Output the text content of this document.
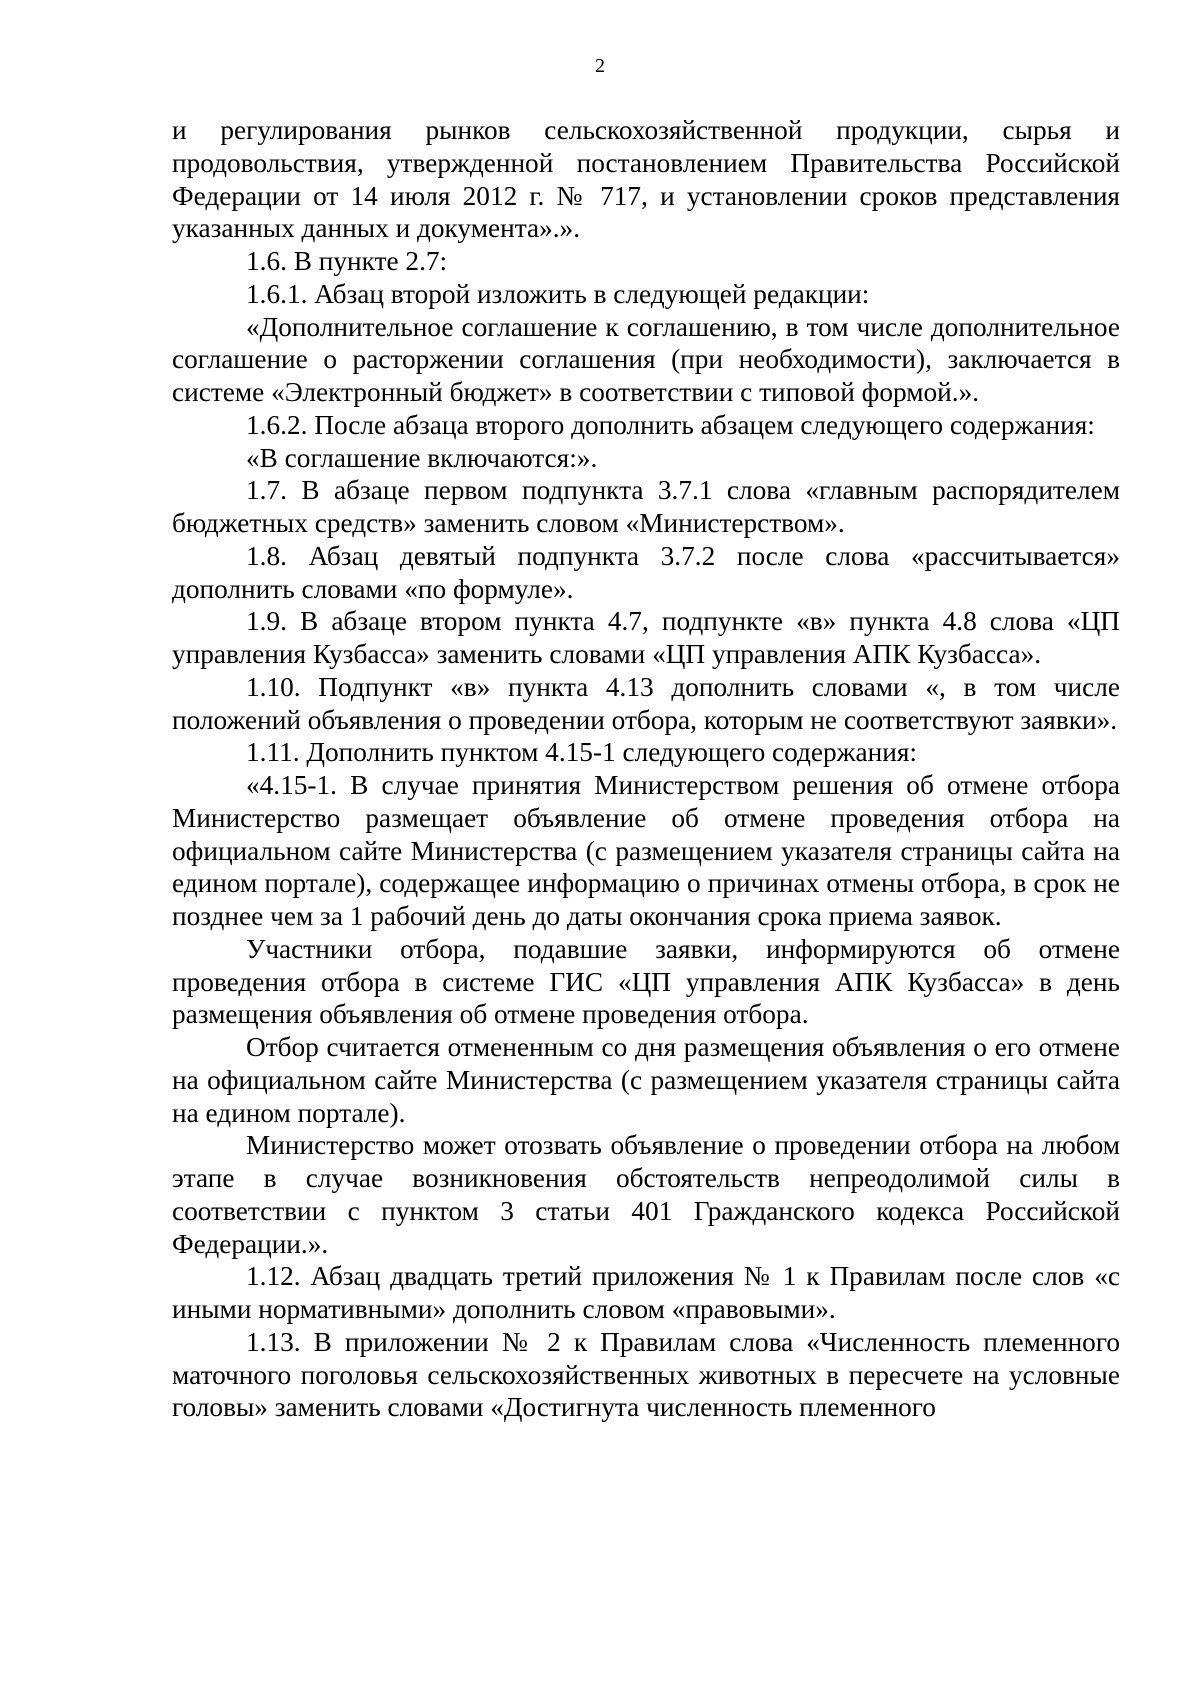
2

и регулирования рынков сельскохозяйственной продукции, сырья и продовольствия, утвержденной постановлением Правительства Российской Федерации от 14 июля 2012 г. № 717, и установлении сроков представления указанных данных и документа».».

1.6. В пункте 2.7:

1.6.1. Абзац второй изложить в следующей редакции:

«Дополнительное соглашение к соглашению, в том числе дополнительное соглашение о расторжении соглашения (при необходимости), заключается в системе «Электронный бюджет» в соответствии с типовой формой.».

1.6.2. После абзаца второго дополнить абзацем следующего содержания:

«В соглашение включаются:».

1.7. В абзаце первом подпункта 3.7.1 слова «главным распорядителем бюджетных средств» заменить словом «Министерством».

1.8. Абзац девятый подпункта 3.7.2 после слова «рассчитывается» дополнить словами «по формуле».

1.9. В абзаце втором пункта 4.7, подпункте «в» пункта 4.8 слова «ЦП управления Кузбасса» заменить словами «ЦП управления АПК Кузбасса».

1.10. Подпункт «в» пункта 4.13 дополнить словами «, в том числе положений объявления о проведении отбора, которым не соответствуют заявки».

1.11. Дополнить пунктом 4.15-1 следующего содержания:

«4.15-1. В случае принятия Министерством решения об отмене отбора Министерство размещает объявление об отмене проведения отбора на официальном сайте Министерства (с размещением указателя страницы сайта на едином портале), содержащее информацию о причинах отмены отбора, в срок не позднее чем за 1 рабочий день до даты окончания срока приема заявок.

Участники отбора, подавшие заявки, информируются об отмене проведения отбора в системе ГИС «ЦП управления АПК Кузбасса» в день размещения объявления об отмене проведения отбора.

Отбор считается отмененным со дня размещения объявления о его отмене на официальном сайте Министерства (с размещением указателя страницы сайта на едином портале).

Министерство может отозвать объявление о проведении отбора на любом этапе в случае возникновения обстоятельств непреодолимой силы в соответствии с пунктом 3 статьи 401 Гражданского кодекса Российской Федерации.».

1.12. Абзац двадцать третий приложения № 1 к Правилам после слов «с иными нормативными» дополнить словом «правовыми».

1.13. В приложении № 2 к Правилам слова «Численность племенного маточного поголовья сельскохозяйственных животных в пересчете на условные головы» заменить словами «Достигнута численность племенного
